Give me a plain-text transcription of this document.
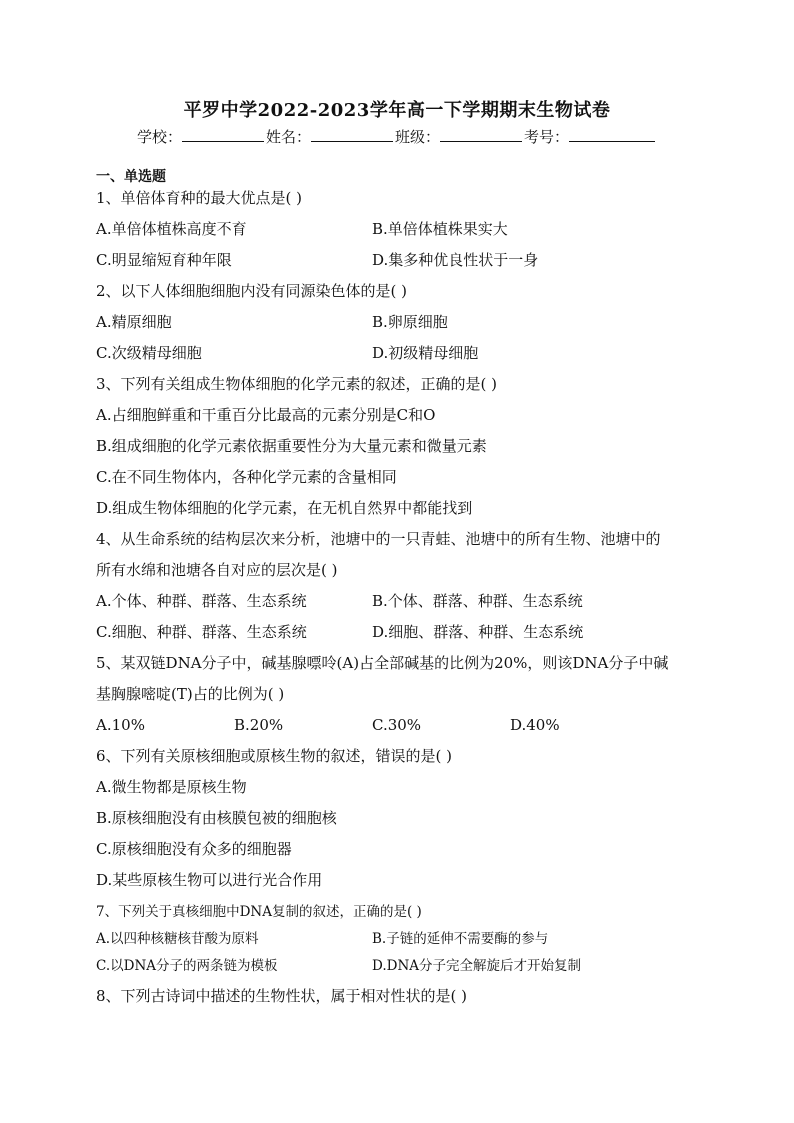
平罗中学2022-2023学年高一下学期期末生物试卷
学校：	姓名：	班级：	考号：
一、单选题
1、单倍体育种的最大优点是( )
A.单倍体植株高度不育	B.单倍体植株果实大
C.明显缩短育种年限	D.集多种优良性状于一身
2、以下人体细胞细胞内没有同源染色体的是( )
A.精原细胞	B.卵原细胞
C.次级精母细胞	D.初级精母细胞
3、下列有关组成生物体细胞的化学元素的叙述，正确的是( )
A.占细胞鲜重和干重百分比最高的元素分别是C和O
B.组成细胞的化学元素依据重要性分为大量元素和微量元素
C.在不同生物体内，各种化学元素的含量相同
D.组成生物体细胞的化学元素，在无机自然界中都能找到
4、从生命系统的结构层次来分析，池塘中的一只青蛙、池塘中的所有生物、池塘中的
所有水绵和池塘各自对应的层次是( )
A.个体、种群、群落、生态系统	B.个体、群落、种群、生态系统
C.细胞、种群、群落、生态系统	D.细胞、群落、种群、生态系统
5、某双链DNA分子中，碱基腺嘌呤(A)占全部碱基的比例为20%，则该DNA分子中碱
基胸腺嘧啶(T)占的比例为( )
A.10%	B.20%	C.30%	D.40%
6、下列有关原核细胞或原核生物的叙述，错误的是( )
A.微生物都是原核生物
B.原核细胞没有由核膜包被的细胞核
C.原核细胞没有众多的细胞器
D.某些原核生物可以进行光合作用
7、下列关于真核细胞中DNA复制的叙述，正确的是( )
A.以四种核糖核苷酸为原料	B.子链的延伸不需要酶的参与
C.以DNA分子的两条链为模板	D.DNA分子完全解旋后才开始复制
8、下列古诗词中描述的生物性状，属于相对性状的是( )
